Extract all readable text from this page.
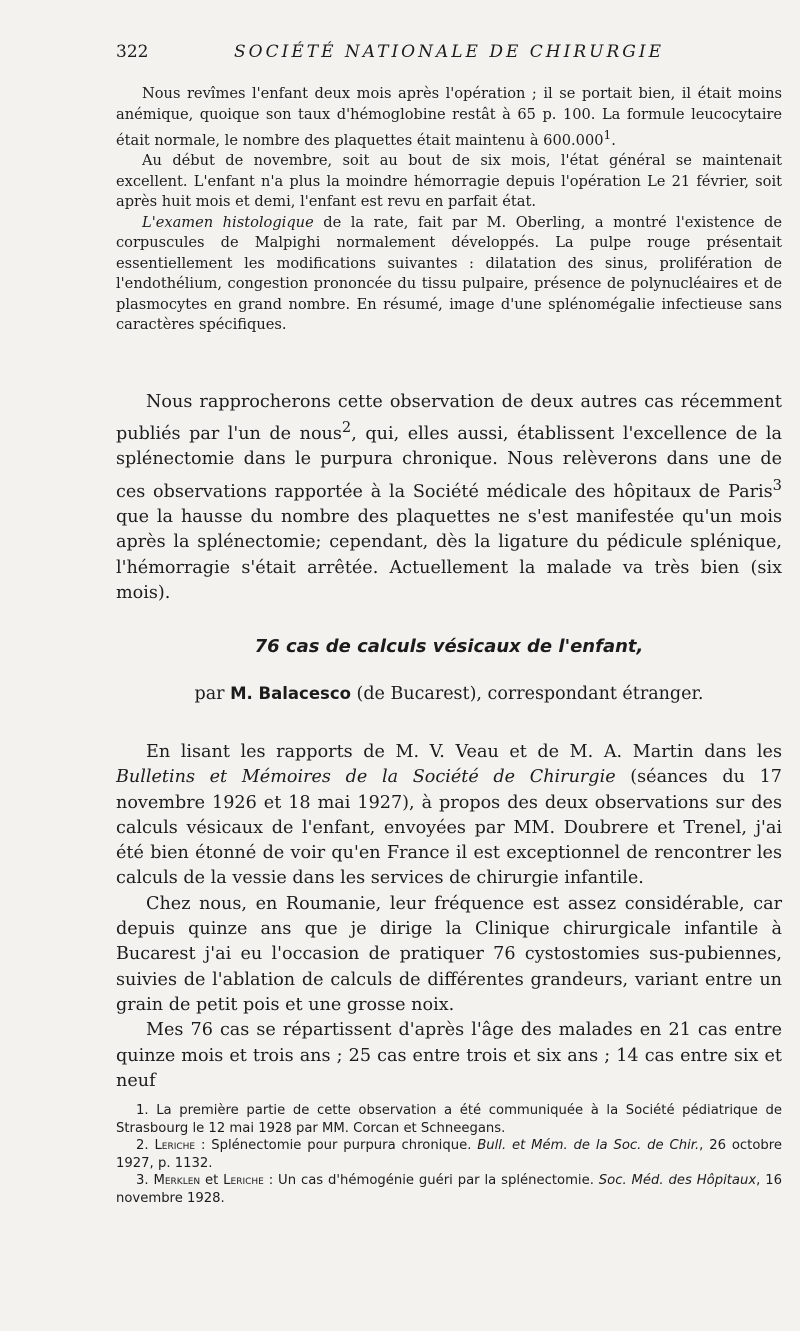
322	SOCIÉTÉ NATIONALE DE CHIRURGIE

Nous revîmes l'enfant deux mois après l'opération ; il se portait bien, il était moins anémique, quoique son taux d'hémoglobine restât à 65 p. 100. La formule leucocytaire était normale, le nombre des plaquettes était maintenu à 600.000$^1$.

Au début de novembre, soit au bout de six mois, l'état général se maintenait excellent. L'enfant n'a plus la moindre hémorragie depuis l'opération Le 21 février, soit après huit mois et demi, l'enfant est revu en parfait état.

L'examen histologique de la rate, fait par M. Oberling, a montré l'existence de corpuscules de Malpighi normalement développés. La pulpe rouge présentait essentiellement les modifications suivantes : dilatation des sinus, prolifération de l'endothélium, congestion prononcée du tissu pulpaire, présence de polynucléaires et de plasmocytes en grand nombre. En résumé, image d'une splénomégalie infectieuse sans caractères spécifiques.

Nous rapprocherons cette observation de deux autres cas récemment publiés par l'un de nous$^2$, qui, elles aussi, établissent l'excellence de la splénectomie dans le purpura chronique. Nous relèverons dans une de ces observations rapportée à la Société médicale des hôpitaux de Paris$^3$ que la hausse du nombre des plaquettes ne s'est manifestée qu'un mois après la splénectomie; cependant, dès la ligature du pédicule splénique, l'hémorragie s'était arrêtée. Actuellement la malade va très bien (six mois).

76 cas de calculs vésicaux de l'enfant,
par M. Balacesco (de Bucarest), correspondant étranger.

En lisant les rapports de M. V. Veau et de M. A. Martin dans les Bulletins et Mémoires de la Société de Chirurgie (séances du 17 novembre 1926 et 18 mai 1927), à propos des deux observations sur des calculs vésicaux de l'enfant, envoyées par MM. Doubrere et Trenel, j'ai été bien étonné de voir qu'en France il est exceptionnel de rencontrer les calculs de la vessie dans les services de chirurgie infantile.

Chez nous, en Roumanie, leur fréquence est assez considérable, car depuis quinze ans que je dirige la Clinique chirurgicale infantile à Bucarest j'ai eu l'occasion de pratiquer 76 cystostomies sus-pubiennes, suivies de l'ablation de calculs de différentes grandeurs, variant entre un grain de petit pois et une grosse noix.

Mes 76 cas se répartissent d'après l'âge des malades en 21 cas entre quinze mois et trois ans ; 25 cas entre trois et six ans ; 14 cas entre six et neuf

1. La première partie de cette observation a été communiquée à la Société pédiatrique de Strasbourg le 12 mai 1928 par MM. Corcan et Schneegans.

2. Leriche : Splénectomie pour purpura chronique. Bull. et Mém. de la Soc. de Chir., 26 octobre 1927, p. 1132.

3. Merklen et Leriche : Un cas d'hémogénie guéri par la splénectomie. Soc. Méd. des Hôpitaux, 16 novembre 1928.
